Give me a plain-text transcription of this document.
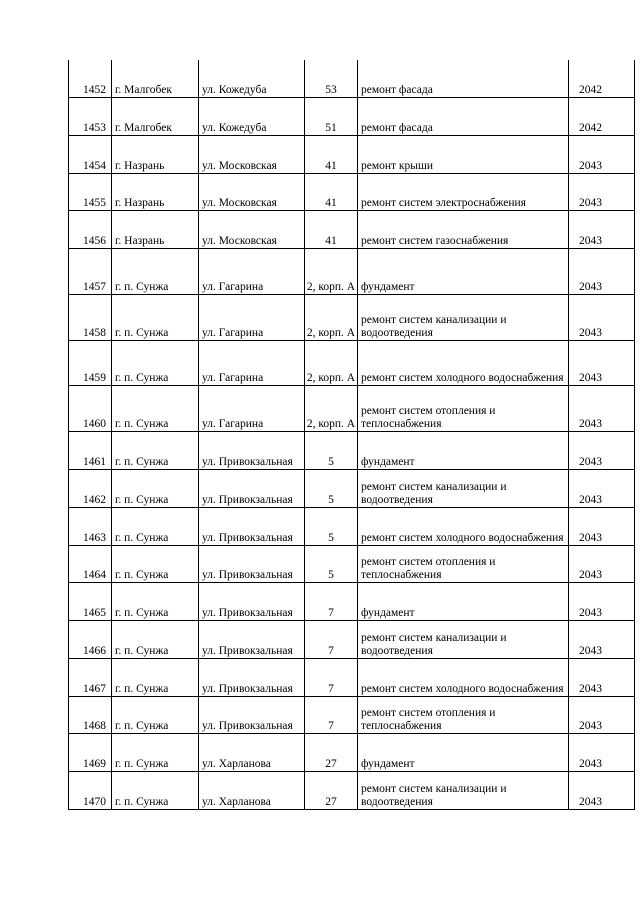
1452	г. Малгобек	ул. Кожедуба	53	ремонт фасада	2042
1453	г. Малгобек	ул. Кожедуба	51	ремонт фасада	2042
1454	г. Назрань	ул. Московская	41	ремонт крыши	2043
1455	г. Назрань	ул. Московская	41	ремонт систем электроснабжения	2043
1456	г. Назрань	ул. Московская	41	ремонт систем газоснабжения	2043
1457	г. п. Сунжа	ул. Гагарина	2, корп. А	фундамент	2043
1458	г. п. Сунжа	ул. Гагарина	2, корп. А	ремонт систем канализации и водоотведения	2043
1459	г. п. Сунжа	ул. Гагарина	2, корп. А	ремонт систем холодного водоснабжения	2043
1460	г. п. Сунжа	ул. Гагарина	2, корп. А	ремонт систем отопления и теплоснабжения	2043
1461	г. п. Сунжа	ул. Привокзальная	5	фундамент	2043
1462	г. п. Сунжа	ул. Привокзальная	5	ремонт систем канализации и водоотведения	2043
1463	г. п. Сунжа	ул. Привокзальная	5	ремонт систем холодного водоснабжения	2043
1464	г. п. Сунжа	ул. Привокзальная	5	ремонт систем отопления и теплоснабжения	2043
1465	г. п. Сунжа	ул. Привокзальная	7	фундамент	2043
1466	г. п. Сунжа	ул. Привокзальная	7	ремонт систем канализации и водоотведения	2043
1467	г. п. Сунжа	ул. Привокзальная	7	ремонт систем холодного водоснабжения	2043
1468	г. п. Сунжа	ул. Привокзальная	7	ремонт систем отопления и теплоснабжения	2043
1469	г. п. Сунжа	ул. Харланова	27	фундамент	2043
1470	г. п. Сунжа	ул. Харланова	27	ремонт систем канализации и водоотведения	2043
